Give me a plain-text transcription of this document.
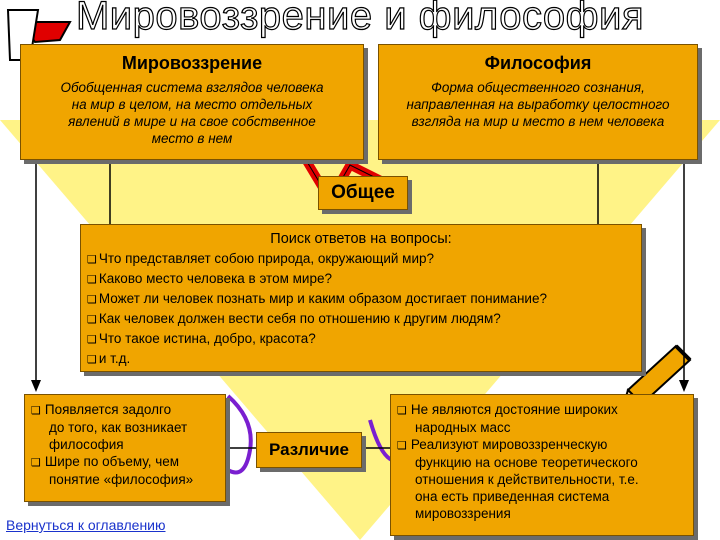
Мировоззрение и философия
Мировоззрение
Обобщенная система взглядов человека
на мир в целом, на место отдельных
явлений в мире и на свое собственное
место в нем
Философия
Форма общественного сознания,
направленная на выработку целостного
взгляда на мир и место в нем человека
Общее
Поиск ответов на вопросы:
❑ Что представляет собою природа, окружающий мир?
❑ Каково место человека в этом мире?
❑ Может ли человек познать мир и каким образом достигает понимание?
❑ Как человек должен вести себя по отношению к другим людям?
❑ Что такое истина, добро, красота?
❑ и т.д.
❑ Появляется задолго
до того, как возникает
философия
❑ Шире по объему, чем
понятие «философия»
Различие
❑ Не являются достояние широких
народных масс
❑ Реализуют мировоззренческую
функцию на основе теоретического
отношения к действительности, т.е.
она есть приведенная система
мировоззрения
Вернуться к оглавлению
